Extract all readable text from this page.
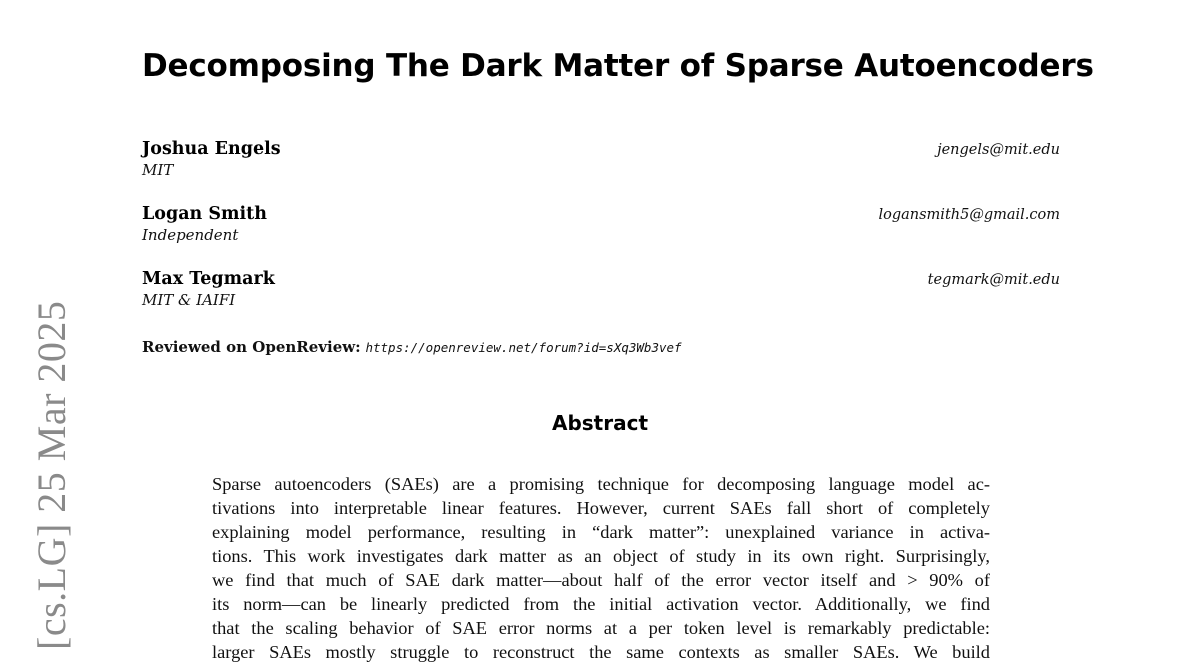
[cs.LG] 25 Mar 2025
Decomposing The Dark Matter of Sparse Autoencoders
Joshua Engels
MIT
jengels@mit.edu
Logan Smith
Independent
logansmith5@gmail.com
Max Tegmark
MIT & IAIFI
tegmark@mit.edu
Reviewed on OpenReview: https://openreview.net/forum?id=sXq3Wb3vef
Abstract

Sparse autoencoders (SAEs) are a promising technique for decomposing language model ac-
tivations into interpretable linear features. However, current SAEs fall short of completely
explaining model performance, resulting in “dark matter”: unexplained variance in activa-
tions. This work investigates dark matter as an object of study in its own right. Surprisingly,
we find that much of SAE dark matter—about half of the error vector itself and > 90% of
its norm—can be linearly predicted from the initial activation vector. Additionally, we find
that the scaling behavior of SAE error norms at a per token level is remarkably predictable:
larger SAEs mostly struggle to reconstruct the same contexts as smaller SAEs. We build
